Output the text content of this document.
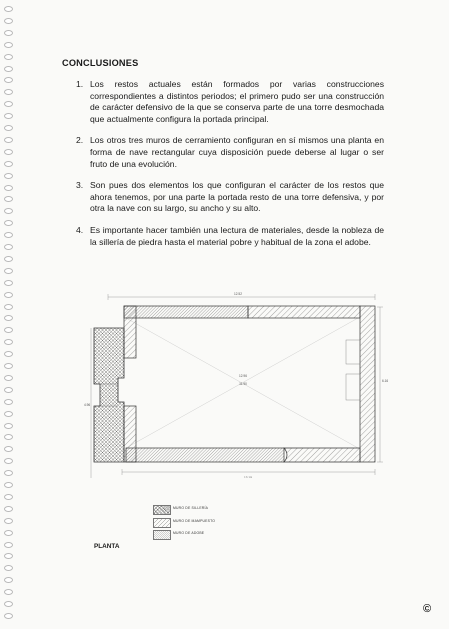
CONCLUSIONES
1. Los restos actuales están formados por varias construcciones correspondientes a distintos periodos; el primero pudo ser una construcción de carácter defensivo de la que se conserva parte de una torre desmochada que actualmente configura la portada principal.
2. Los otros tres muros de cerramiento configuran en sí mismos una planta en forma de nave rectangular cuya disposición puede deberse al lugar o ser fruto de una evolución.
3. Son pues dos elementos los que configuran el carácter de los restos que ahora tenemos, por una parte la portada resto de una torre defensiva, y por otra la nave con su largo, su ancho y su alto.
4. Es importante hacer también una lectura de materiales, desde la nobleza de la sillería de piedra hasta el material pobre y habitual de la zona el adobe.
12.52
6.16
4.96
13.15
12.96
11.90
MURO DE SILLERÍA
MURO DE MAMPUESTO
MURO DE ADOBE
PLANTA
©
